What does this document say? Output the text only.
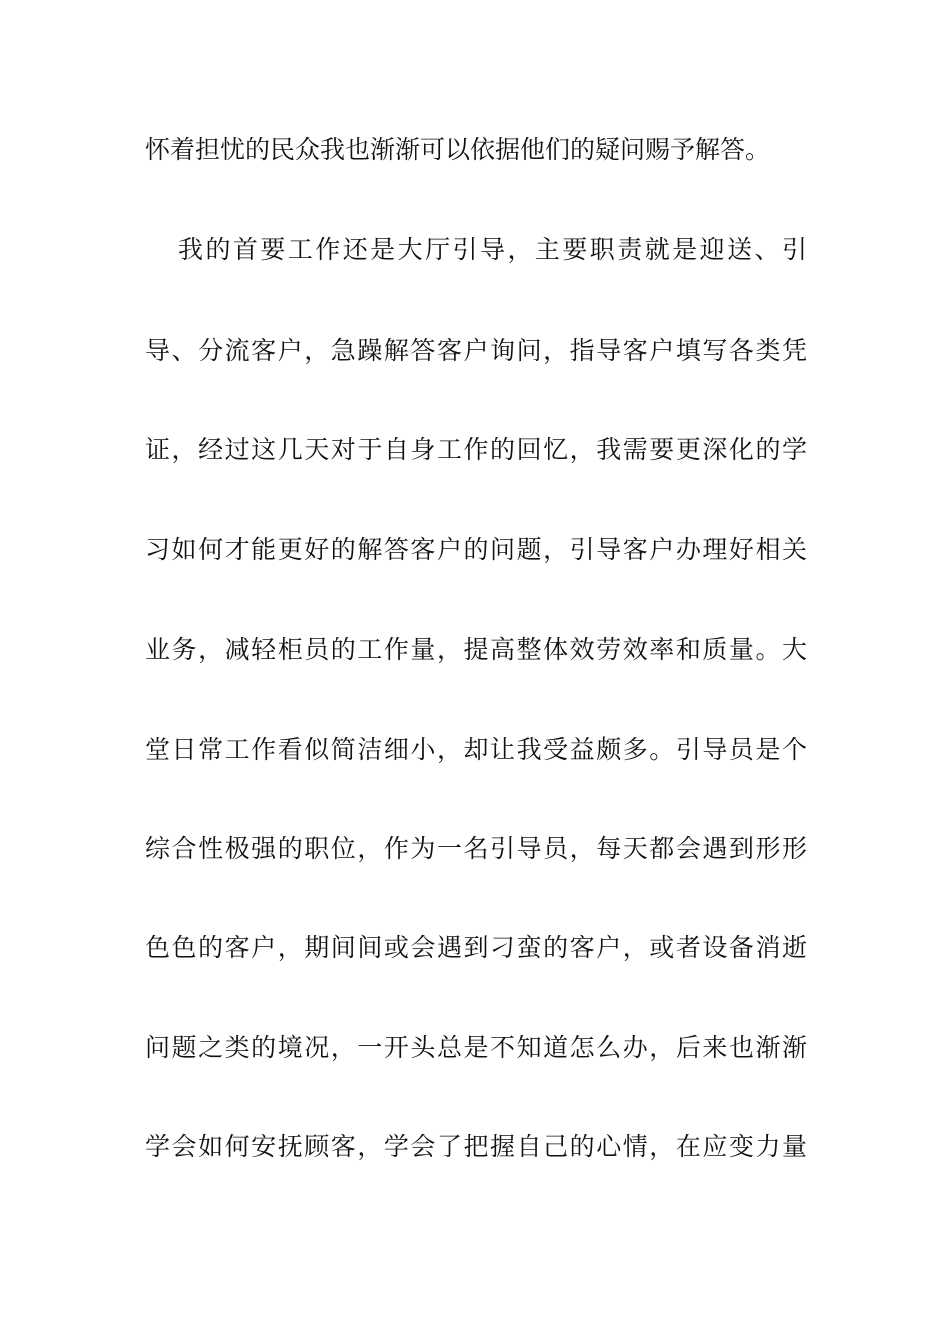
怀着担忧的民众我也渐渐可以依据他们的疑问赐予解答。
我的首要工作还是大厅引导，主要职责就是迎送、引
导、分流客户，急躁解答客户询问，指导客户填写各类凭
证，经过这几天对于自身工作的回忆，我需要更深化的学
习如何才能更好的解答客户的问题，引导客户办理好相关
业务，减轻柜员的工作量，提高整体效劳效率和质量。大
堂日常工作看似简洁细小，却让我受益颇多。引导员是个
综合性极强的职位，作为一名引导员，每天都会遇到形形
色色的客户，期间间或会遇到刁蛮的客户，或者设备消逝
问题之类的境况，一开头总是不知道怎么办，后来也渐渐
学会如何安抚顾客，学会了把握自己的心情，在应变力量
